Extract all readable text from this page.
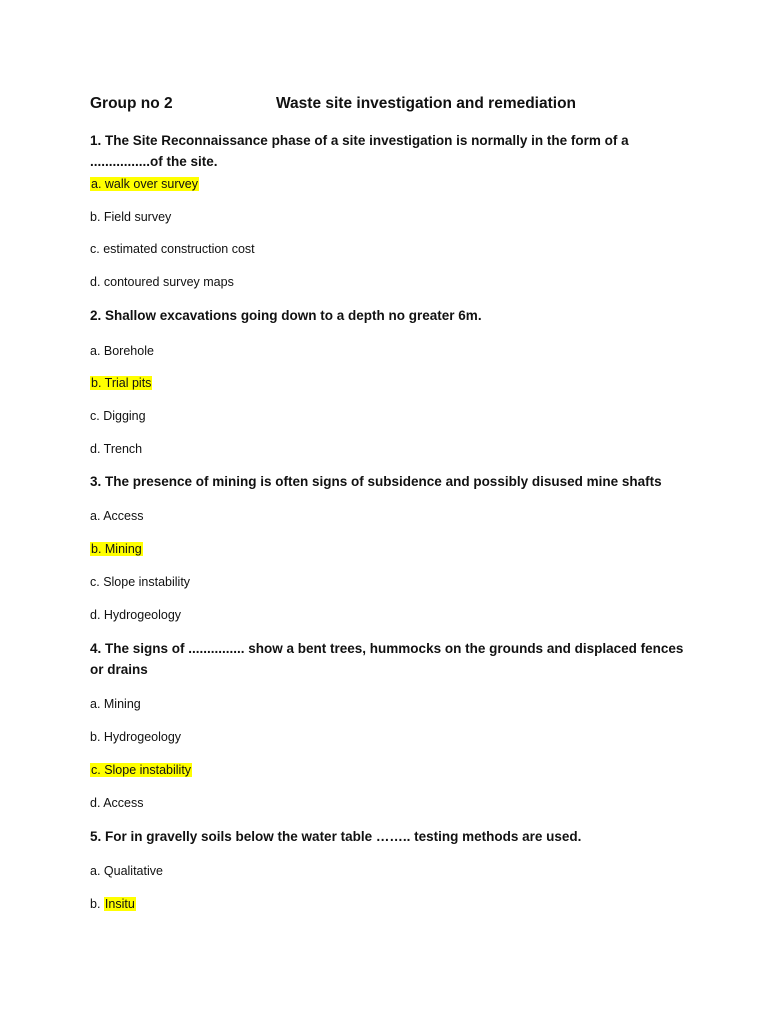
Group no 2	Waste site investigation and remediation
1. The Site Reconnaissance phase of a site investigation is normally in the form of a
................of the site.
a. walk over survey
b. Field survey
c. estimated construction cost
d. contoured survey maps
2. Shallow excavations going down to a depth no greater 6m.
a. Borehole
b. Trial pits
c. Digging
d. Trench
3. The presence of mining is often signs of subsidence and possibly disused mine shafts
a. Access
b. Mining
c. Slope instability
d. Hydrogeology
4. The signs of ............... show a bent trees, hummocks on the grounds and displaced fences
or drains
a. Mining
b. Hydrogeology
c. Slope instability
d. Access
5. For in gravelly soils below the water table …….. testing methods are used.
a. Qualitative
b. Insitu
